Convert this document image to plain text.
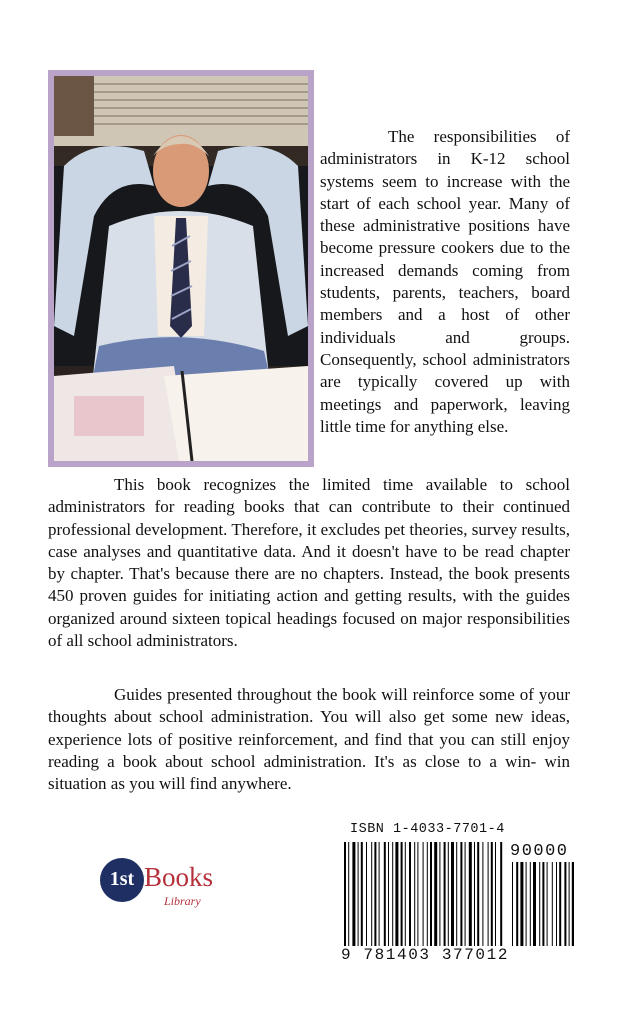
The responsibilities of administrators in K-12 school systems seem to increase with the start of each school year. Many of these administrative positions have become pressure cookers due to the increased demands coming from students, parents, teachers, board members and a host of other individuals and groups. Consequently, school administrators are typically covered up with meetings and paperwork, leaving little time for anything else.
This book recognizes the limited time available to school administrators for reading books that can contribute to their continued professional development. Therefore, it excludes pet theories, survey results, case analyses and quantitative data. And it doesn't have to be read chapter by chapter. That's because there are no chapters. Instead, the book presents 450 proven guides for initiating action and getting results, with the guides organized around sixteen topical headings focused on major responsibilities of all school administrators.
Guides presented throughout the book will reinforce some of your thoughts about school administration. You will also get some new ideas, experience lots of positive reinforcement, and find that you can still enjoy reading a book about school administration. It's as close to a win- win situation as you will find anywhere.
1st Books
Library
ISBN 1-4033-7701-4
90000
9 781403 377012
